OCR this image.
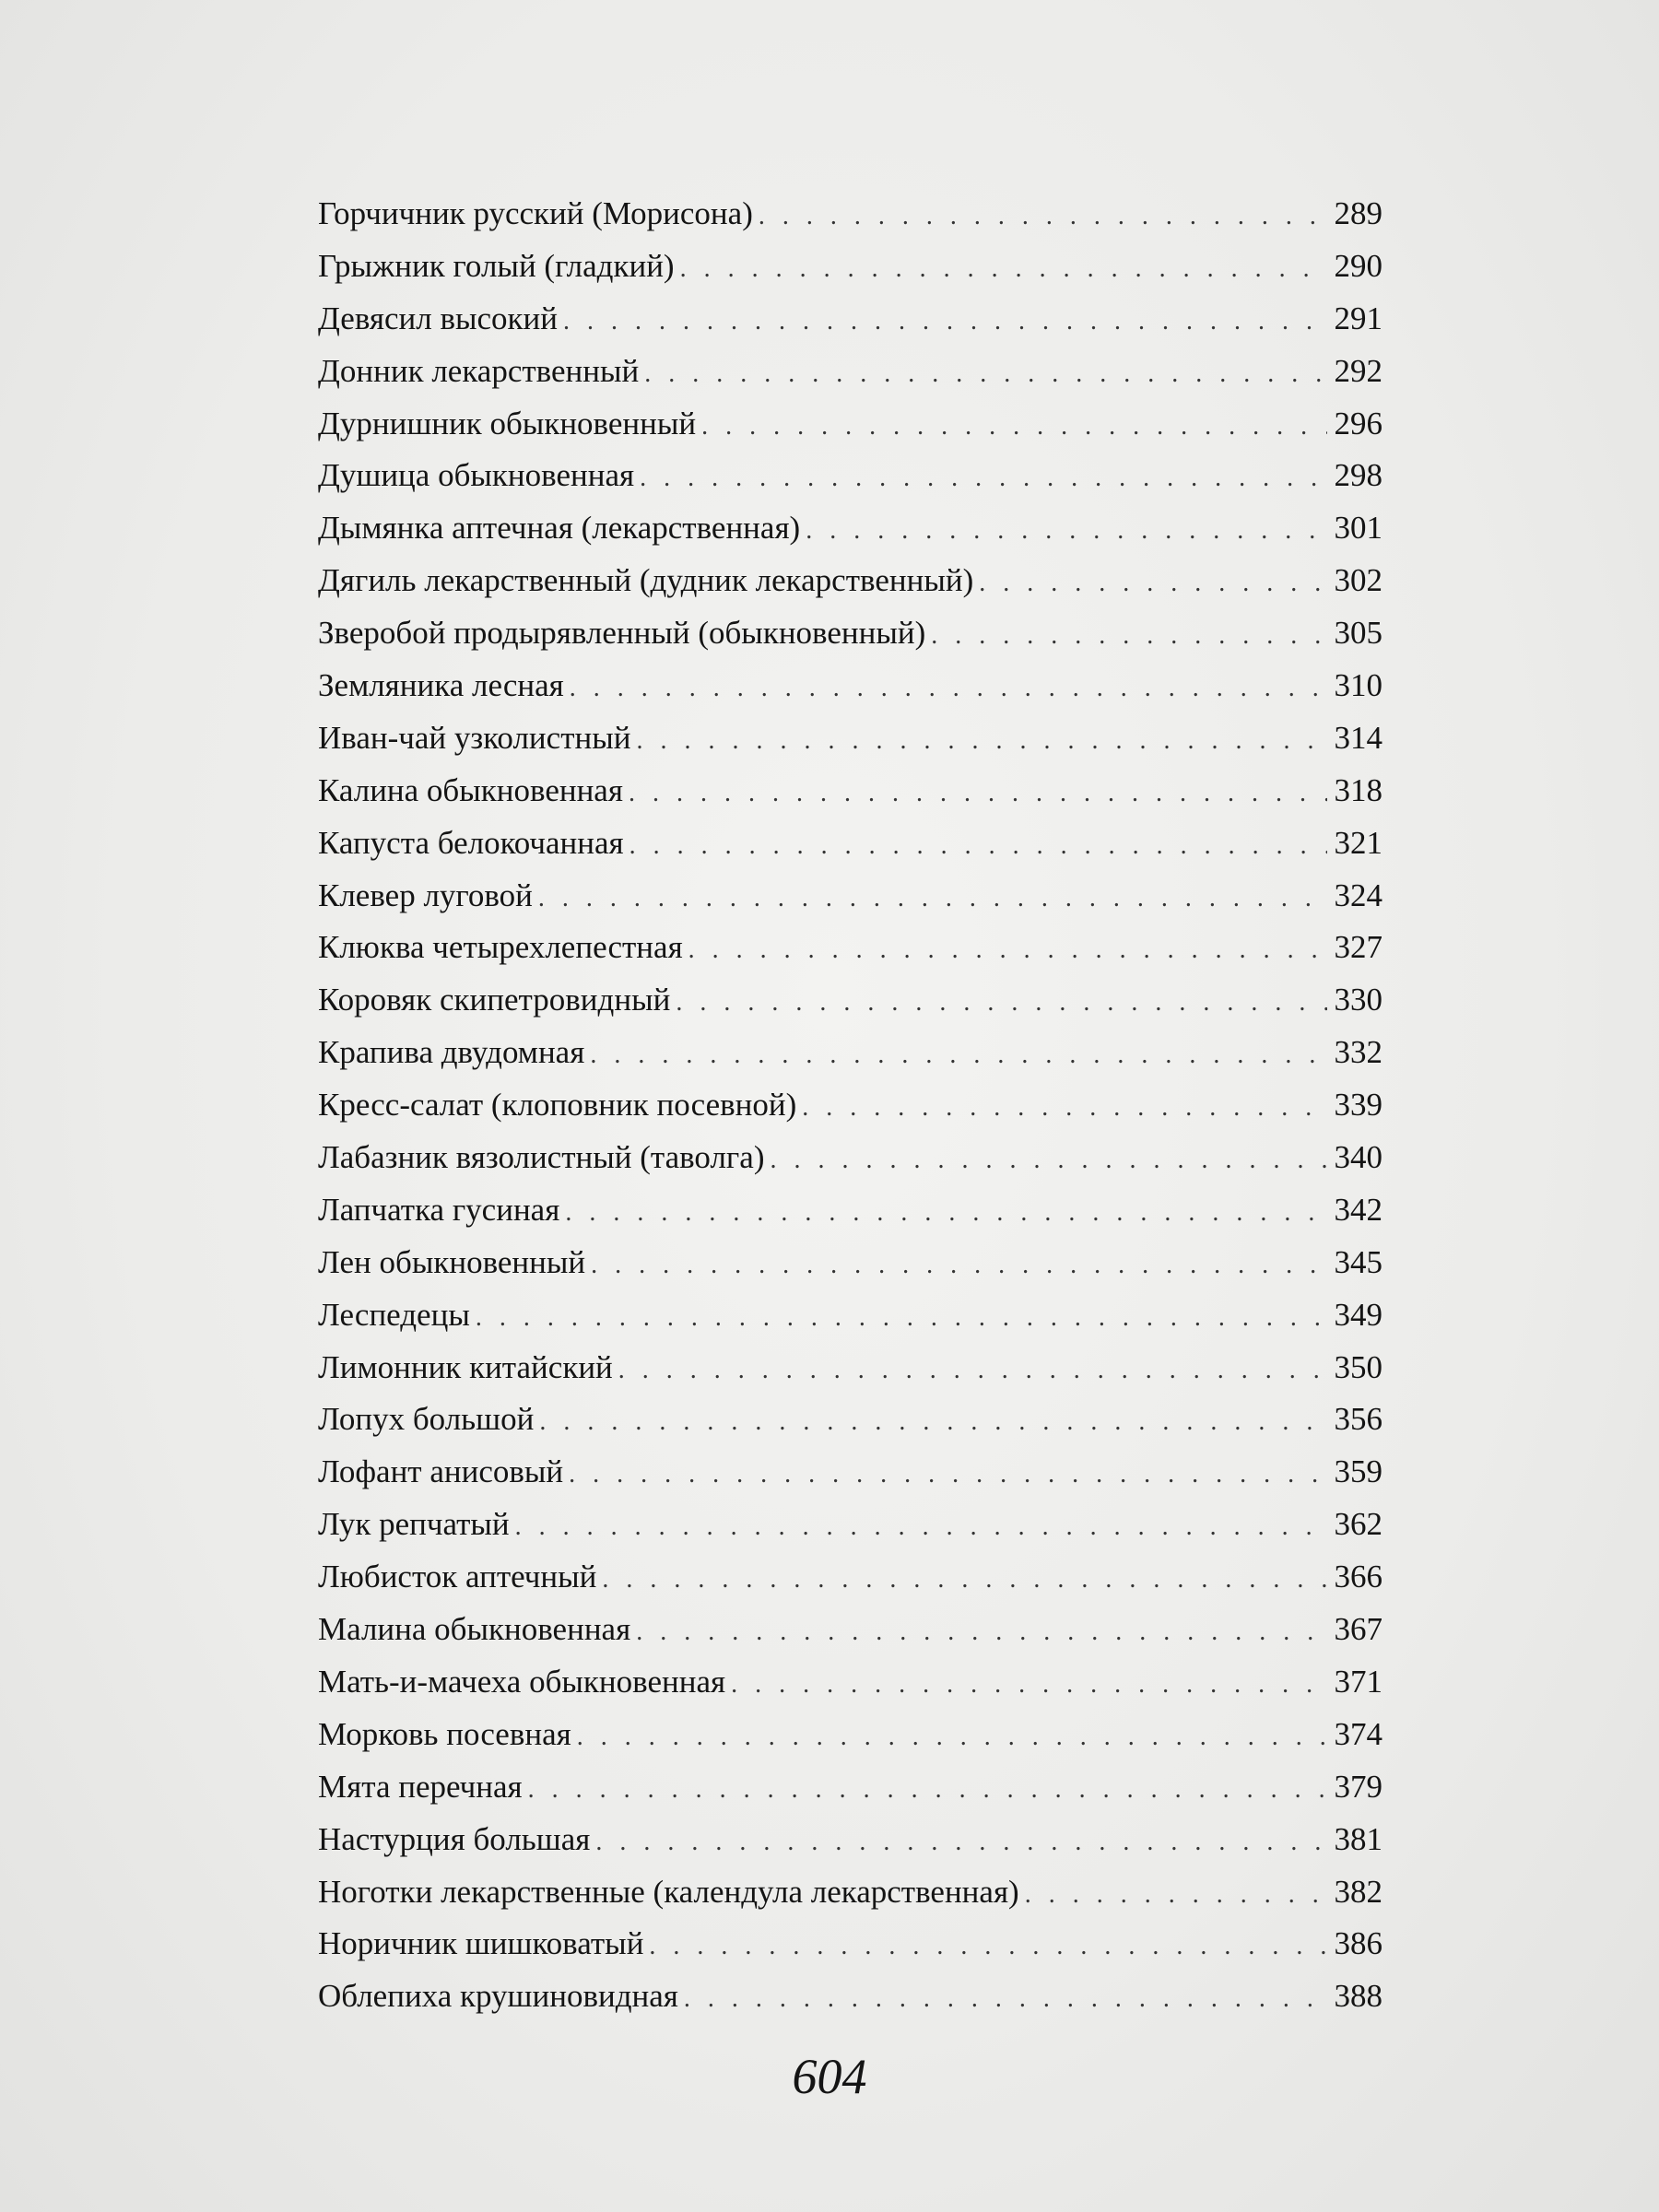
Горчичник русский (Морисона) . . .	289
Грыжник голый (гладкий) . . .	290
Девясил высокий . . .	291
Донник лекарственный . . .	292
Дурнишник обыкновенный . . .	296
Душица обыкновенная . . .	298
Дымянка аптечная (лекарственная) . . .	301
Дягиль лекарственный (дудник лекарственный) . . .	302
Зверобой продырявленный (обыкновенный) . . .	305
Земляника лесная . . .	310
Иван-чай узколистный . . .	314
Калина обыкновенная . . .	318
Капуста белокочанная . . .	321
Клевер луговой . . .	324
Клюква четырехлепестная . . .	327
Коровяк скипетровидный . . .	330
Крапива двудомная . . .	332
Кресс-салат (клоповник посевной) . . .	339
Лабазник вязолистный (таволга) . . .	340
Лапчатка гусиная . . .	342
Лен обыкновенный . . .	345
Леспедецы . . .	349
Лимонник китайский . . .	350
Лопух большой . . .	356
Лофант анисовый . . .	359
Лук репчатый . . .	362
Любисток аптечный . . .	366
Малина обыкновенная . . .	367
Мать-и-мачеха обыкновенная . . .	371
Морковь посевная . . .	374
Мята перечная . . .	379
Настурция большая . . .	381
Ноготки лекарственные (календула лекарственная) . . .	382
Норичник шишковатый . . .	386
Облепиха крушиновидная . . .	388
604
